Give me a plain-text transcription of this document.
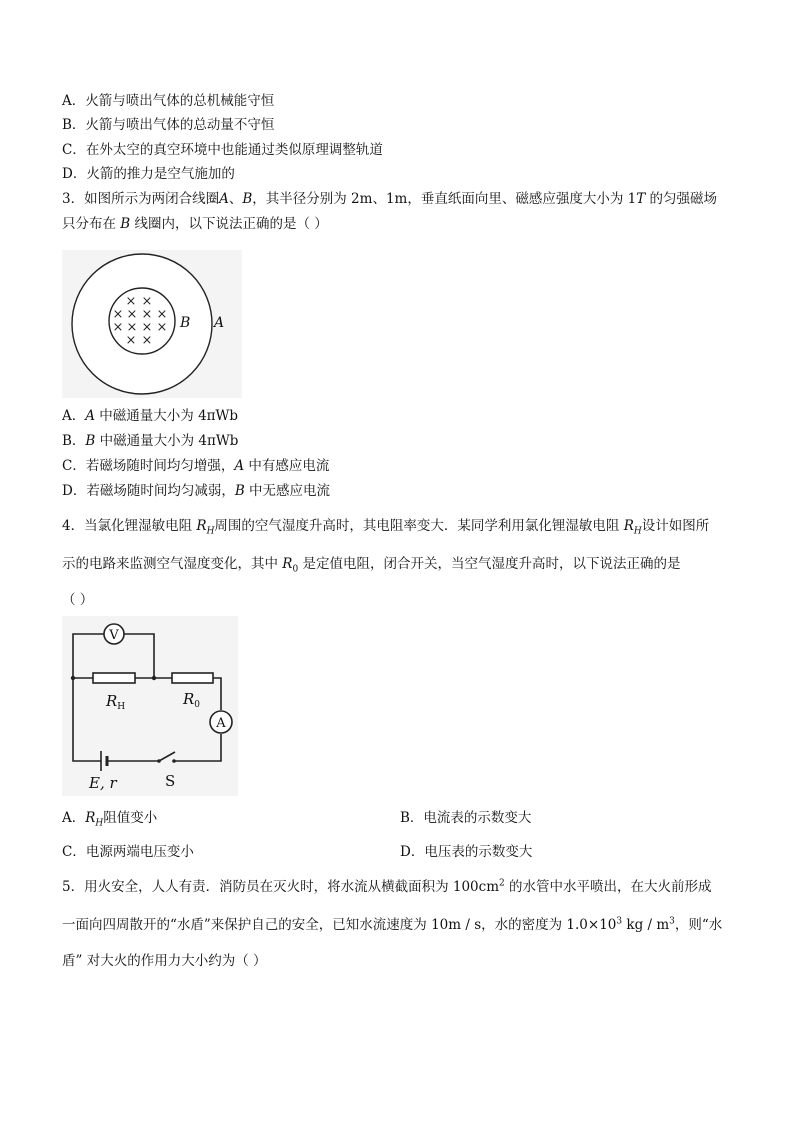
A．火箭与喷出气体的总机械能守恒
B．火箭与喷出气体的总动量不守恒
C．在外太空的真空环境中也能通过类似原理调整轨道
D．火箭的推力是空气施加的
3．如图所示为两闭合线圈A、B，其半径分别为 2m、1m，垂直纸面向里、磁感应强度大小为 1T 的匀强磁场
只分布在 B 线圈内，以下说法正确的是（ ）
× ×
× × × ×
× × × ×
× ×
B A
A．A 中磁通量大小为 4πWb
B．B 中磁通量大小为 4πWb
C．若磁场随时间均匀增强，A 中有感应电流
D．若磁场随时间均匀减弱，B 中无感应电流
4．当氯化锂湿敏电阻 $R_H$周围的空气湿度升高时，其电阻率变大．某同学利用氯化锂湿敏电阻 $R_H$设计如图所
示的电路来监测空气湿度变化，其中 $R_0$ 是定值电阻，闭合开关，当空气湿度升高时，以下说法正确的是
（ ）
V
$R_H$	$R_0$
A
S
E, r
A．$R_H$阻值变小	B．电流表的示数变大
C．电源两端电压变小	D．电压表的示数变大
5．用火安全，人人有责．消防员在灭火时，将水流从横截面积为 $100cm^2$ 的水管中水平喷出，在大火前形成
一面向四周散开的“水盾”来保护自己的安全，已知水流速度为 10m / s，水的密度为 $1.0\times 10^3$ kg / $m^3$，则“水
盾” 对大火的作用力大小约为（ ）
